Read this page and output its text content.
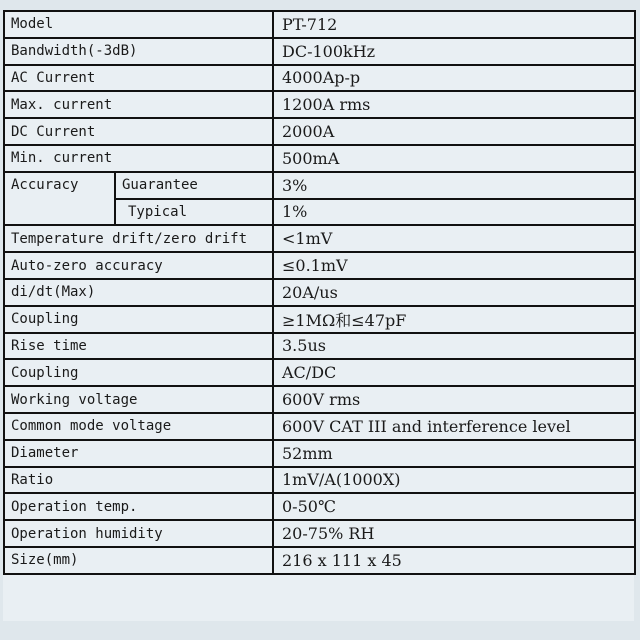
Model		PT-712
Bandwidth(-3dB)		DC-100kHz
AC Current		4000Ap-p
Max. current		1200A rms
DC Current		2000A
Min. current		500mA
Accuracy	Guarantee	3%
	Typical	1%
Temperature drift/zero drift		<1mV
Auto-zero accuracy		≤0.1mV
di/dt(Max)		20A/us
Coupling		≥1MΩ和≤47pF
Rise time		3.5us
Coupling		AC/DC
Working voltage		600V rms
Common mode voltage		600V CAT III and interference level
Diameter		52mm
Ratio		1mV/A(1000X)
Operation temp.		0-50℃
Operation humidity		20-75% RH
Size(mm)		216 x 111 x 45
